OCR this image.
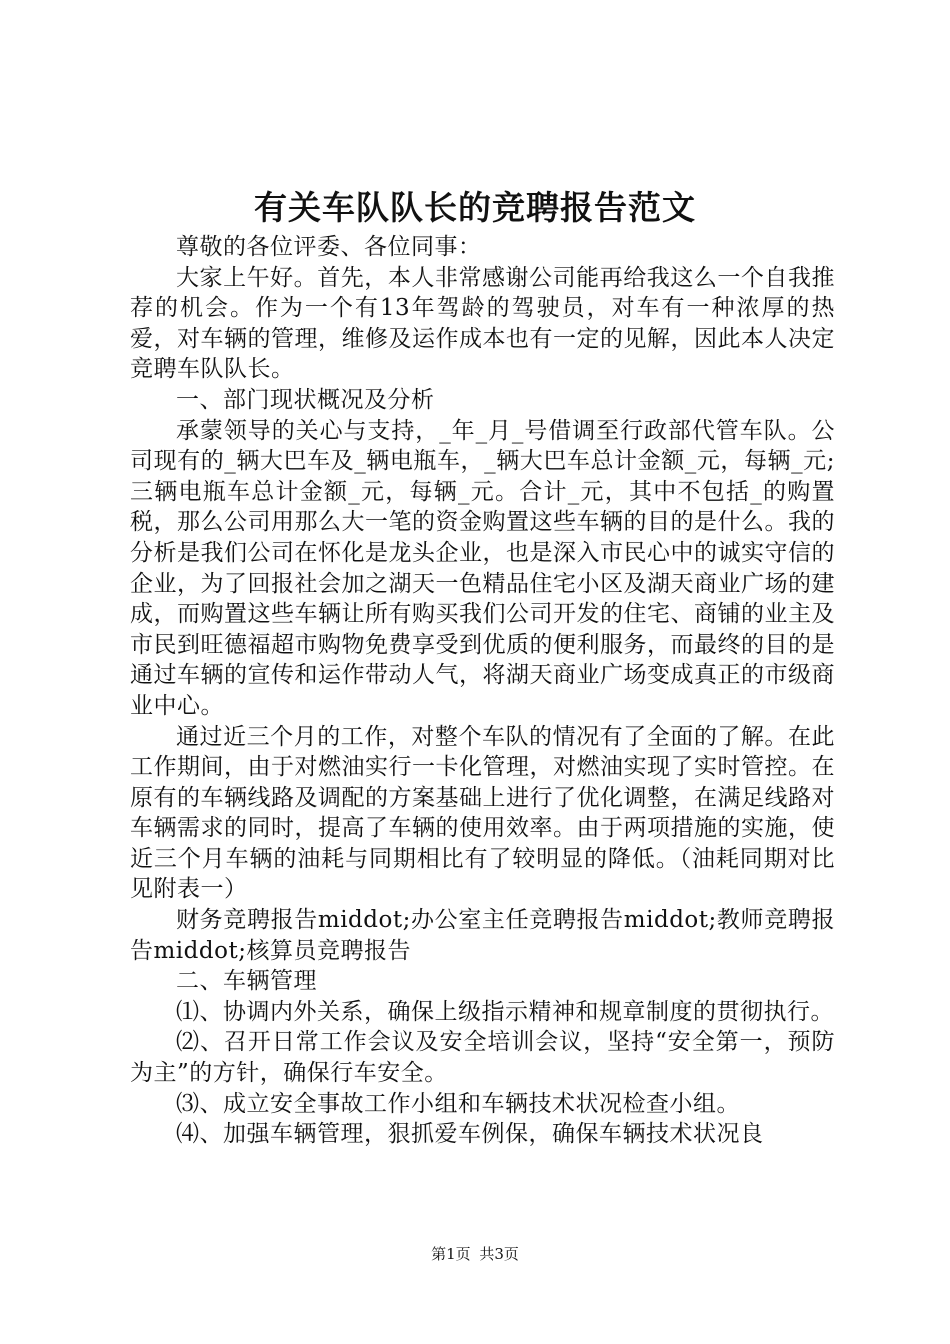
有关车队队长的竞聘报告范文

尊敬的各位评委、各位同事：

大家上午好。首先，本人非常感谢公司能再给我这么一个自我推荐的机会。作为一个有13年驾龄的驾驶员，对车有一种浓厚的热爱，对车辆的管理，维修及运作成本也有一定的见解，因此本人决定竞聘车队队长。

一、部门现状概况及分析

承蒙领导的关心与支持，_年_月_号借调至行政部代管车队。公司现有的_辆大巴车及_辆电瓶车，_辆大巴车总计金额_元，每辆_元;三辆电瓶车总计金额_元，每辆_元。合计_元，其中不包括_的购置税，那么公司用那么大一笔的资金购置这些车辆的目的是什么。我的分析是我们公司在怀化是龙头企业，也是深入市民心中的诚实守信的企业，为了回报社会加之湖天一色精品住宅小区及湖天商业广场的建成，而购置这些车辆让所有购买我们公司开发的住宅、商铺的业主及市民到旺德福超市购物免费享受到优质的便利服务，而最终的目的是通过车辆的宣传和运作带动人气，将湖天商业广场变成真正的市级商业中心。

通过近三个月的工作，对整个车队的情况有了全面的了解。在此工作期间，由于对燃油实行一卡化管理，对燃油实现了实时管控。在原有的车辆线路及调配的方案基础上进行了优化调整，在满足线路对车辆需求的同时，提高了车辆的使用效率。由于两项措施的实施，使近三个月车辆的油耗与同期相比有了较明显的降低。（油耗同期对比见附表一）

财务竞聘报告middot;办公室主任竞聘报告middot;教师竞聘报告middot;核算员竞聘报告

二、车辆管理

⑴、协调内外关系，确保上级指示精神和规章制度的贯彻执行。

⑵、召开日常工作会议及安全培训会议，坚持“安全第一，预防为主”的方针，确保行车安全。

⑶、成立安全事故工作小组和车辆技术状况检查小组。

⑷、加强车辆管理，狠抓爱车例保，确保车辆技术状况良

第1页 共3页
